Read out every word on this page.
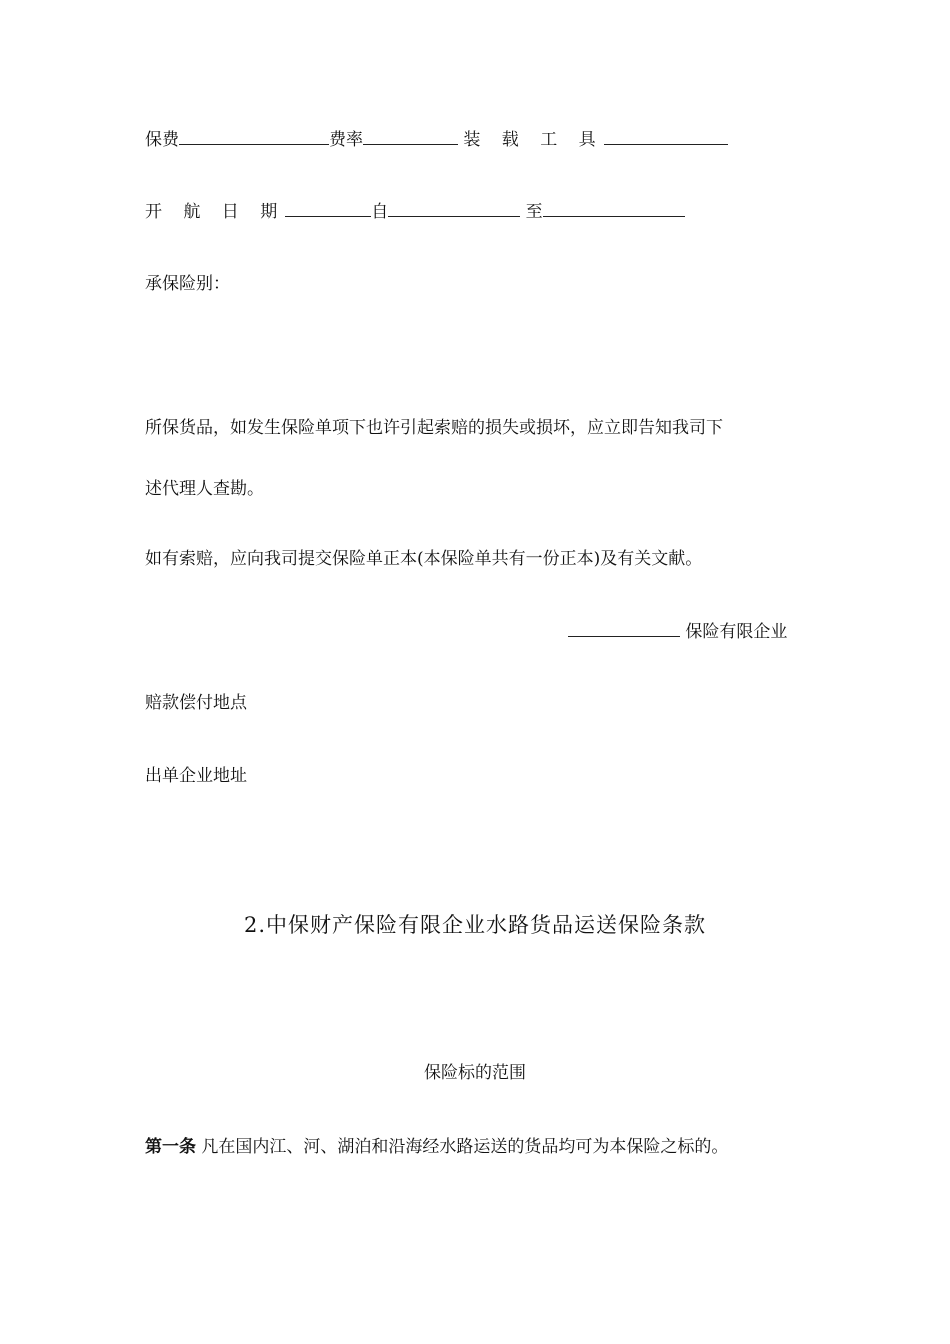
保费	费率	装 载 工 具
开 航 日 期	自	至
承保险别：
所保货品，如发生保险单项下也许引起索赔的损失或损坏，应立即告知我司下
述代理人查勘。
如有索赔，应向我司提交保险单正本(本保险单共有一份正本)及有关文献。
保险有限企业
赔款偿付地点
出单企业地址
2.中保财产保险有限企业水路货品运送保险条款
保险标的范围
第一条 凡在国内江、河、湖泊和沿海经水路运送的货品均可为本保险之标的。
